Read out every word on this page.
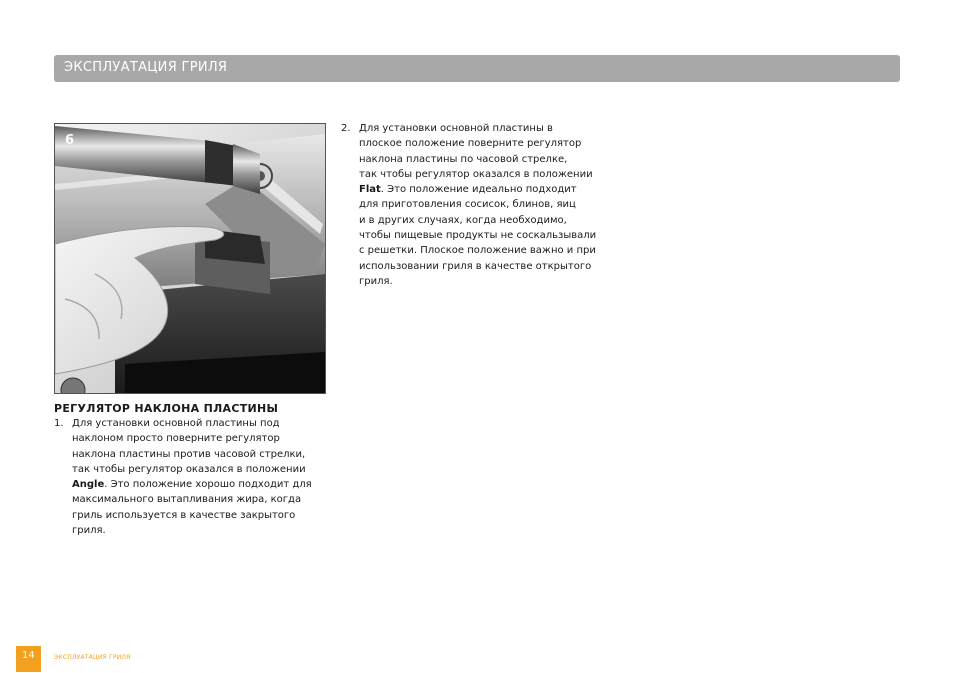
ЭКСПЛУАТАЦИЯ ГРИЛЯ
6
РЕГУЛЯТОР НАКЛОНА ПЛАСТИНЫ
1. Для установки основной пластины под
наклоном просто поверните регулятор
наклона пластины против часовой стрелки,
так чтобы регулятор оказался в положении
Angle. Это положение хорошо подходит для
максимального вытапливания жира, когда
гриль используется в качестве закрытого
гриля.
2. Для установки основной пластины в
плоское положение поверните регулятор
наклона пластины по часовой стрелке,
так чтобы регулятор оказался в положении
Flat. Это положение идеально подходит
для приготовления сосисок, блинов, яиц
и в других случаях, когда необходимо,
чтобы пищевые продукты не соскальзывали
с решетки. Плоское положение важно и при
использовании гриля в качестве открытого
гриля.
14	ЭКСПЛУАТАЦИЯ ГРИЛЯ
